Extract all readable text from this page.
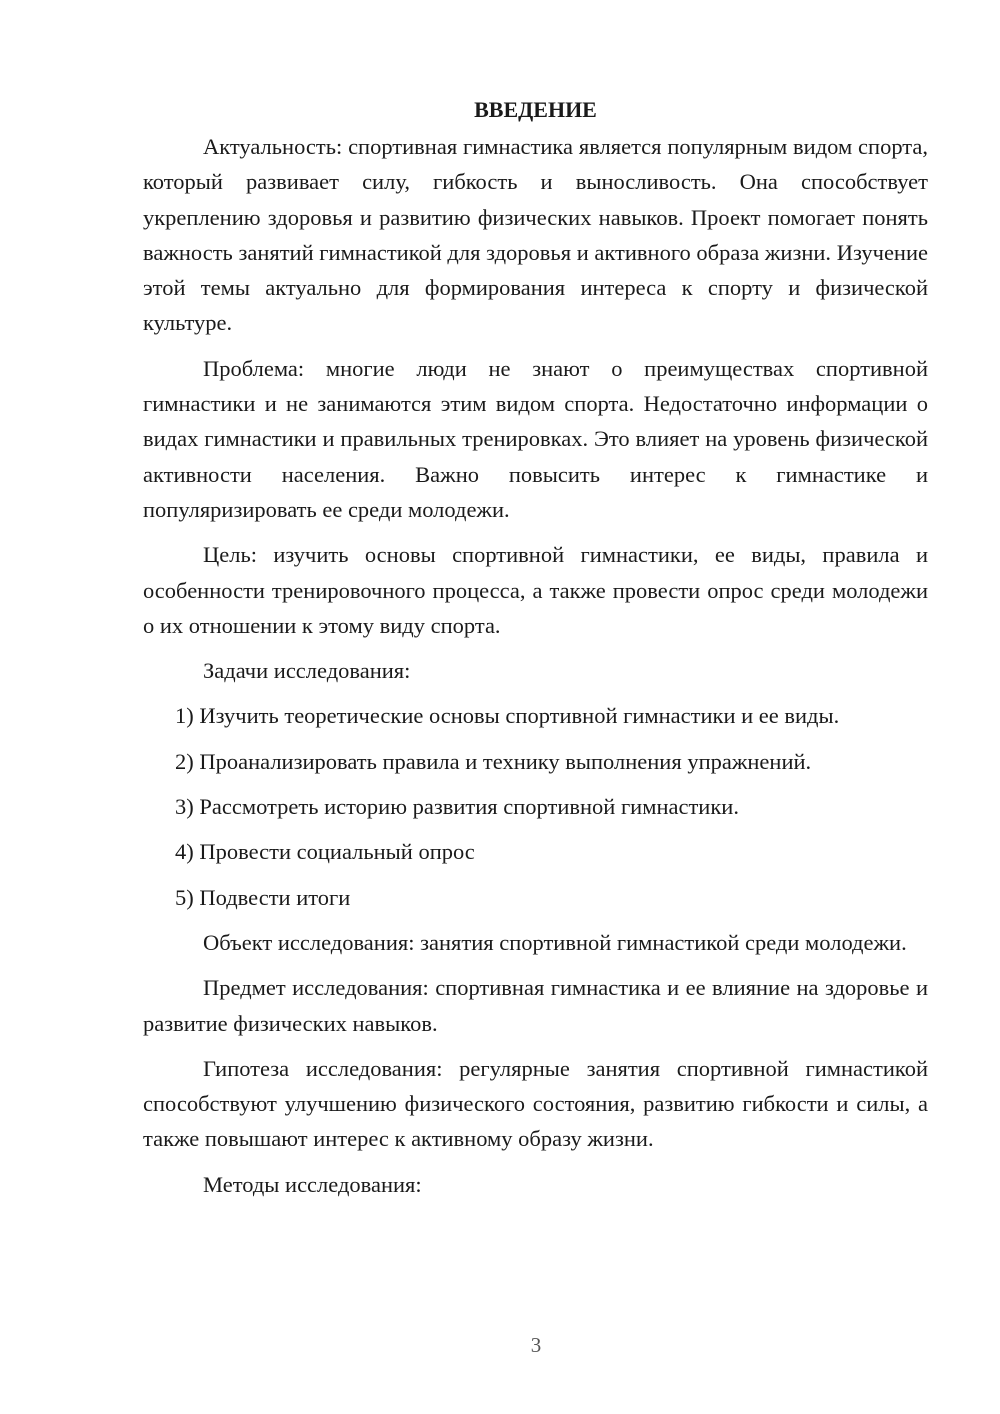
ВВЕДЕНИЕ

Актуальность: спортивная гимнастика является популярным видом спорта, который развивает силу, гибкость и выносливость. Она способствует укреплению здоровья и развитию физических навыков. Проект помогает понять важность занятий гимнастикой для здоровья и активного образа жизни. Изучение этой темы актуально для формирования интереса к спорту и физической культуре.

Проблема: многие люди не знают о преимуществах спортивной гимнастики и не занимаются этим видом спорта. Недостаточно информации о видах гимнастики и правильных тренировках. Это влияет на уровень физической активности населения. Важно повысить интерес к гимнастике и популяризировать ее среди молодежи.

Цель: изучить основы спортивной гимнастики, ее виды, правила и особенности тренировочного процесса, а также провести опрос среди молодежи о их отношении к этому виду спорта.

Задачи исследования:

1) Изучить теоретические основы спортивной гимнастики и ее виды.
2) Проанализировать правила и технику выполнения упражнений.
3) Рассмотреть историю развития спортивной гимнастики.
4) Провести социальный опрос
5) Подвести итоги

Объект исследования: занятия спортивной гимнастикой среди молодежи.

Предмет исследования: спортивная гимнастика и ее влияние на здоровье и развитие физических навыков.

Гипотеза исследования: регулярные занятия спортивной гимнастикой способствуют улучшению физического состояния, развитию гибкости и силы, а также повышают интерес к активному образу жизни.

Методы исследования:

3
